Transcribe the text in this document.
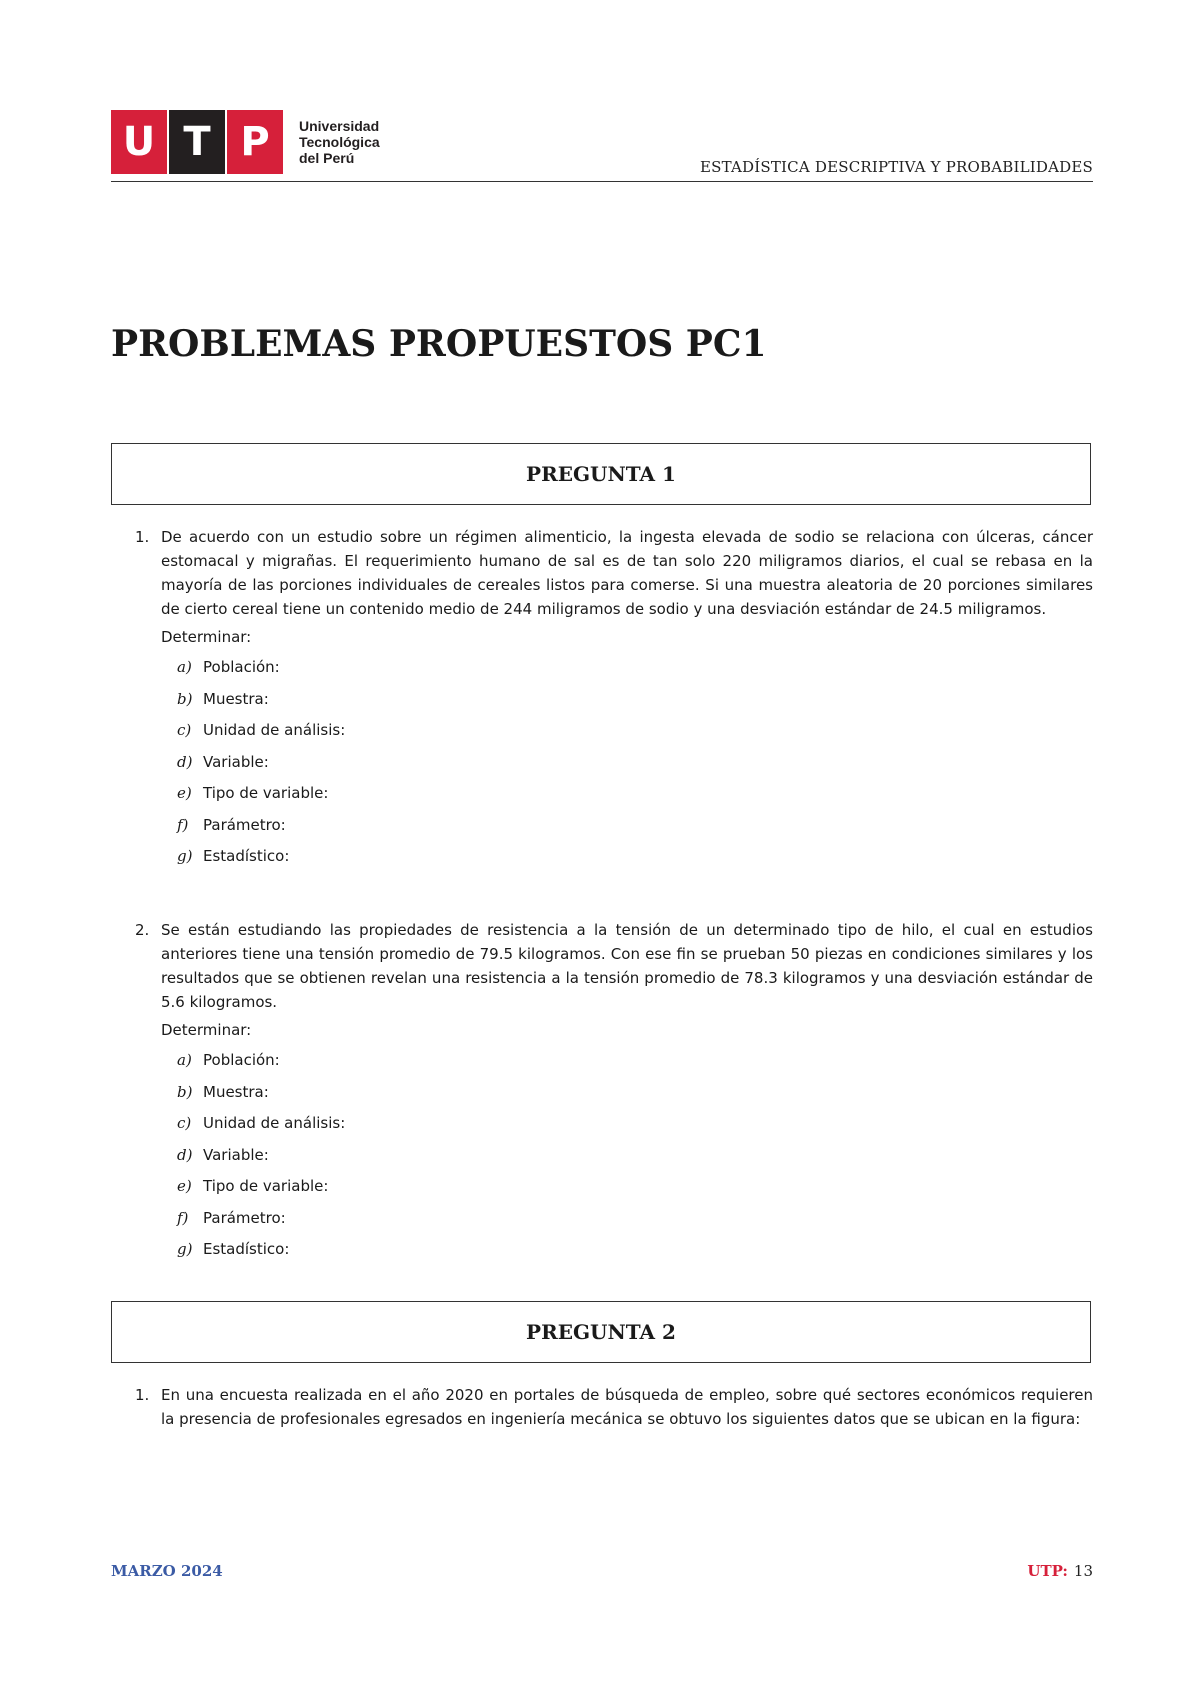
U T P	Universidad
Tecnológica
del Perú	ESTADÍSTICA DESCRIPTIVA Y PROBABILIDADES
PROBLEMAS PROPUESTOS PC1
PREGUNTA 1
1. De acuerdo con un estudio sobre un régimen alimenticio, la ingesta elevada de sodio se relaciona con úlceras, cáncer estomacal y migrañas. El requerimiento humano de sal es de tan solo 220 miligramos diarios, el cual se rebasa en la mayoría de las porciones individuales de cereales listos para comerse. Si una muestra aleatoria de 20 porciones similares de cierto cereal tiene un contenido medio de 244 miligramos de sodio y una desviación estándar de 24.5 miligramos.
Determinar:
a) Población:
b) Muestra:
c) Unidad de análisis:
d) Variable:
e) Tipo de variable:
f) Parámetro:
g) Estadístico:
2. Se están estudiando las propiedades de resistencia a la tensión de un determinado tipo de hilo, el cual en estudios anteriores tiene una tensión promedio de 79.5 kilogramos. Con ese fin se prueban 50 piezas en condiciones similares y los resultados que se obtienen revelan una resistencia a la tensión promedio de 78.3 kilogramos y una desviación estándar de 5.6 kilogramos.
Determinar:
a) Población:
b) Muestra:
c) Unidad de análisis:
d) Variable:
e) Tipo de variable:
f) Parámetro:
g) Estadístico:
PREGUNTA 2
1. En una encuesta realizada en el año 2020 en portales de búsqueda de empleo, sobre qué sectores económicos requieren la presencia de profesionales egresados en ingeniería mecánica se obtuvo los siguientes datos que se ubican en la figura:
MARZO 2024	UTP: 13
